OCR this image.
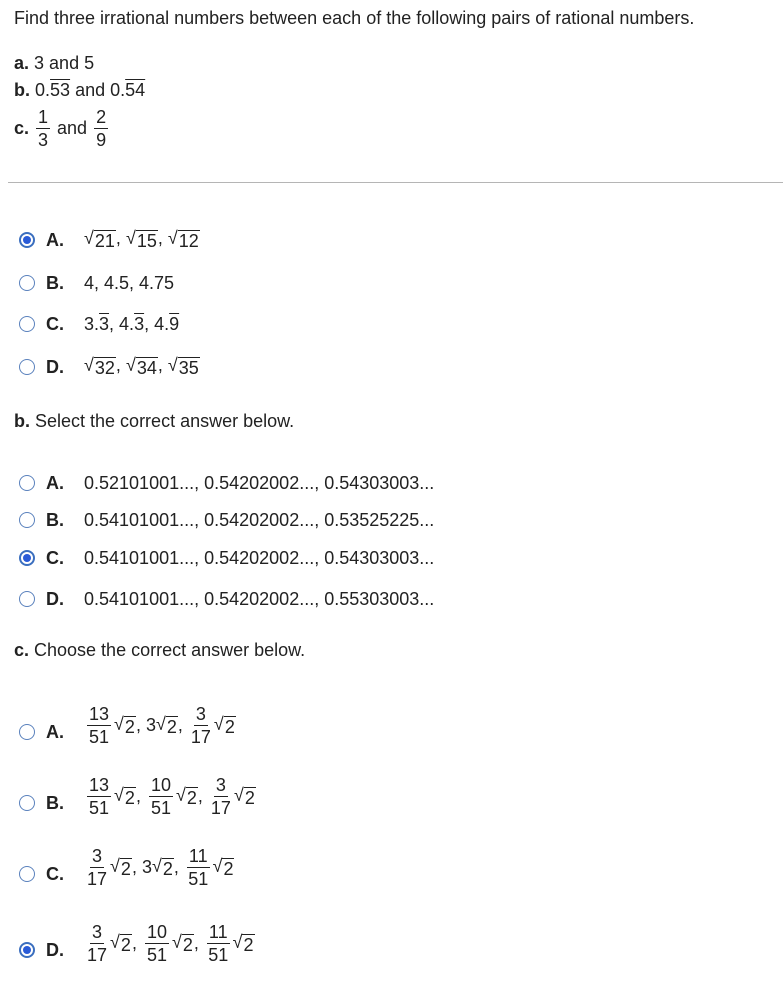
Find three irrational numbers between each of the following pairs of rational numbers.
a. 3 and 5
b. 0.53 and 0.54
c. $\frac{1}{3}$ and $\frac{2}{9}$
A. √ 21 , √ 15 , √ 12
B. 4, 4.5, 4.75
C. 3.3, 4.3, 4.9
D. √ 32 , √ 34 , √ 35
b. Select the correct answer below.
A. 0.52101001..., 0.54202002..., 0.54303003...
B. 0.54101001..., 0.54202002..., 0.53525225...
C. 0.54101001..., 0.54202002..., 0.54303003...
D. 0.54101001..., 0.54202002..., 0.55303003...
c. Choose the correct answer below.
A. $\frac{13}{51}$ √ 2 , 3 √ 2 , $\frac{3}{17}$ √ 2
B. $\frac{13}{51}$ √ 2 , $\frac{10}{51}$ √ 2 , $\frac{3}{17}$ √ 2
C. $\frac{3}{17}$ √ 2 , 3 √ 2 , $\frac{11}{51}$ √ 2
D. $\frac{3}{17}$ √ 2 , $\frac{10}{51}$ √ 2 , $\frac{11}{51}$ √ 2
